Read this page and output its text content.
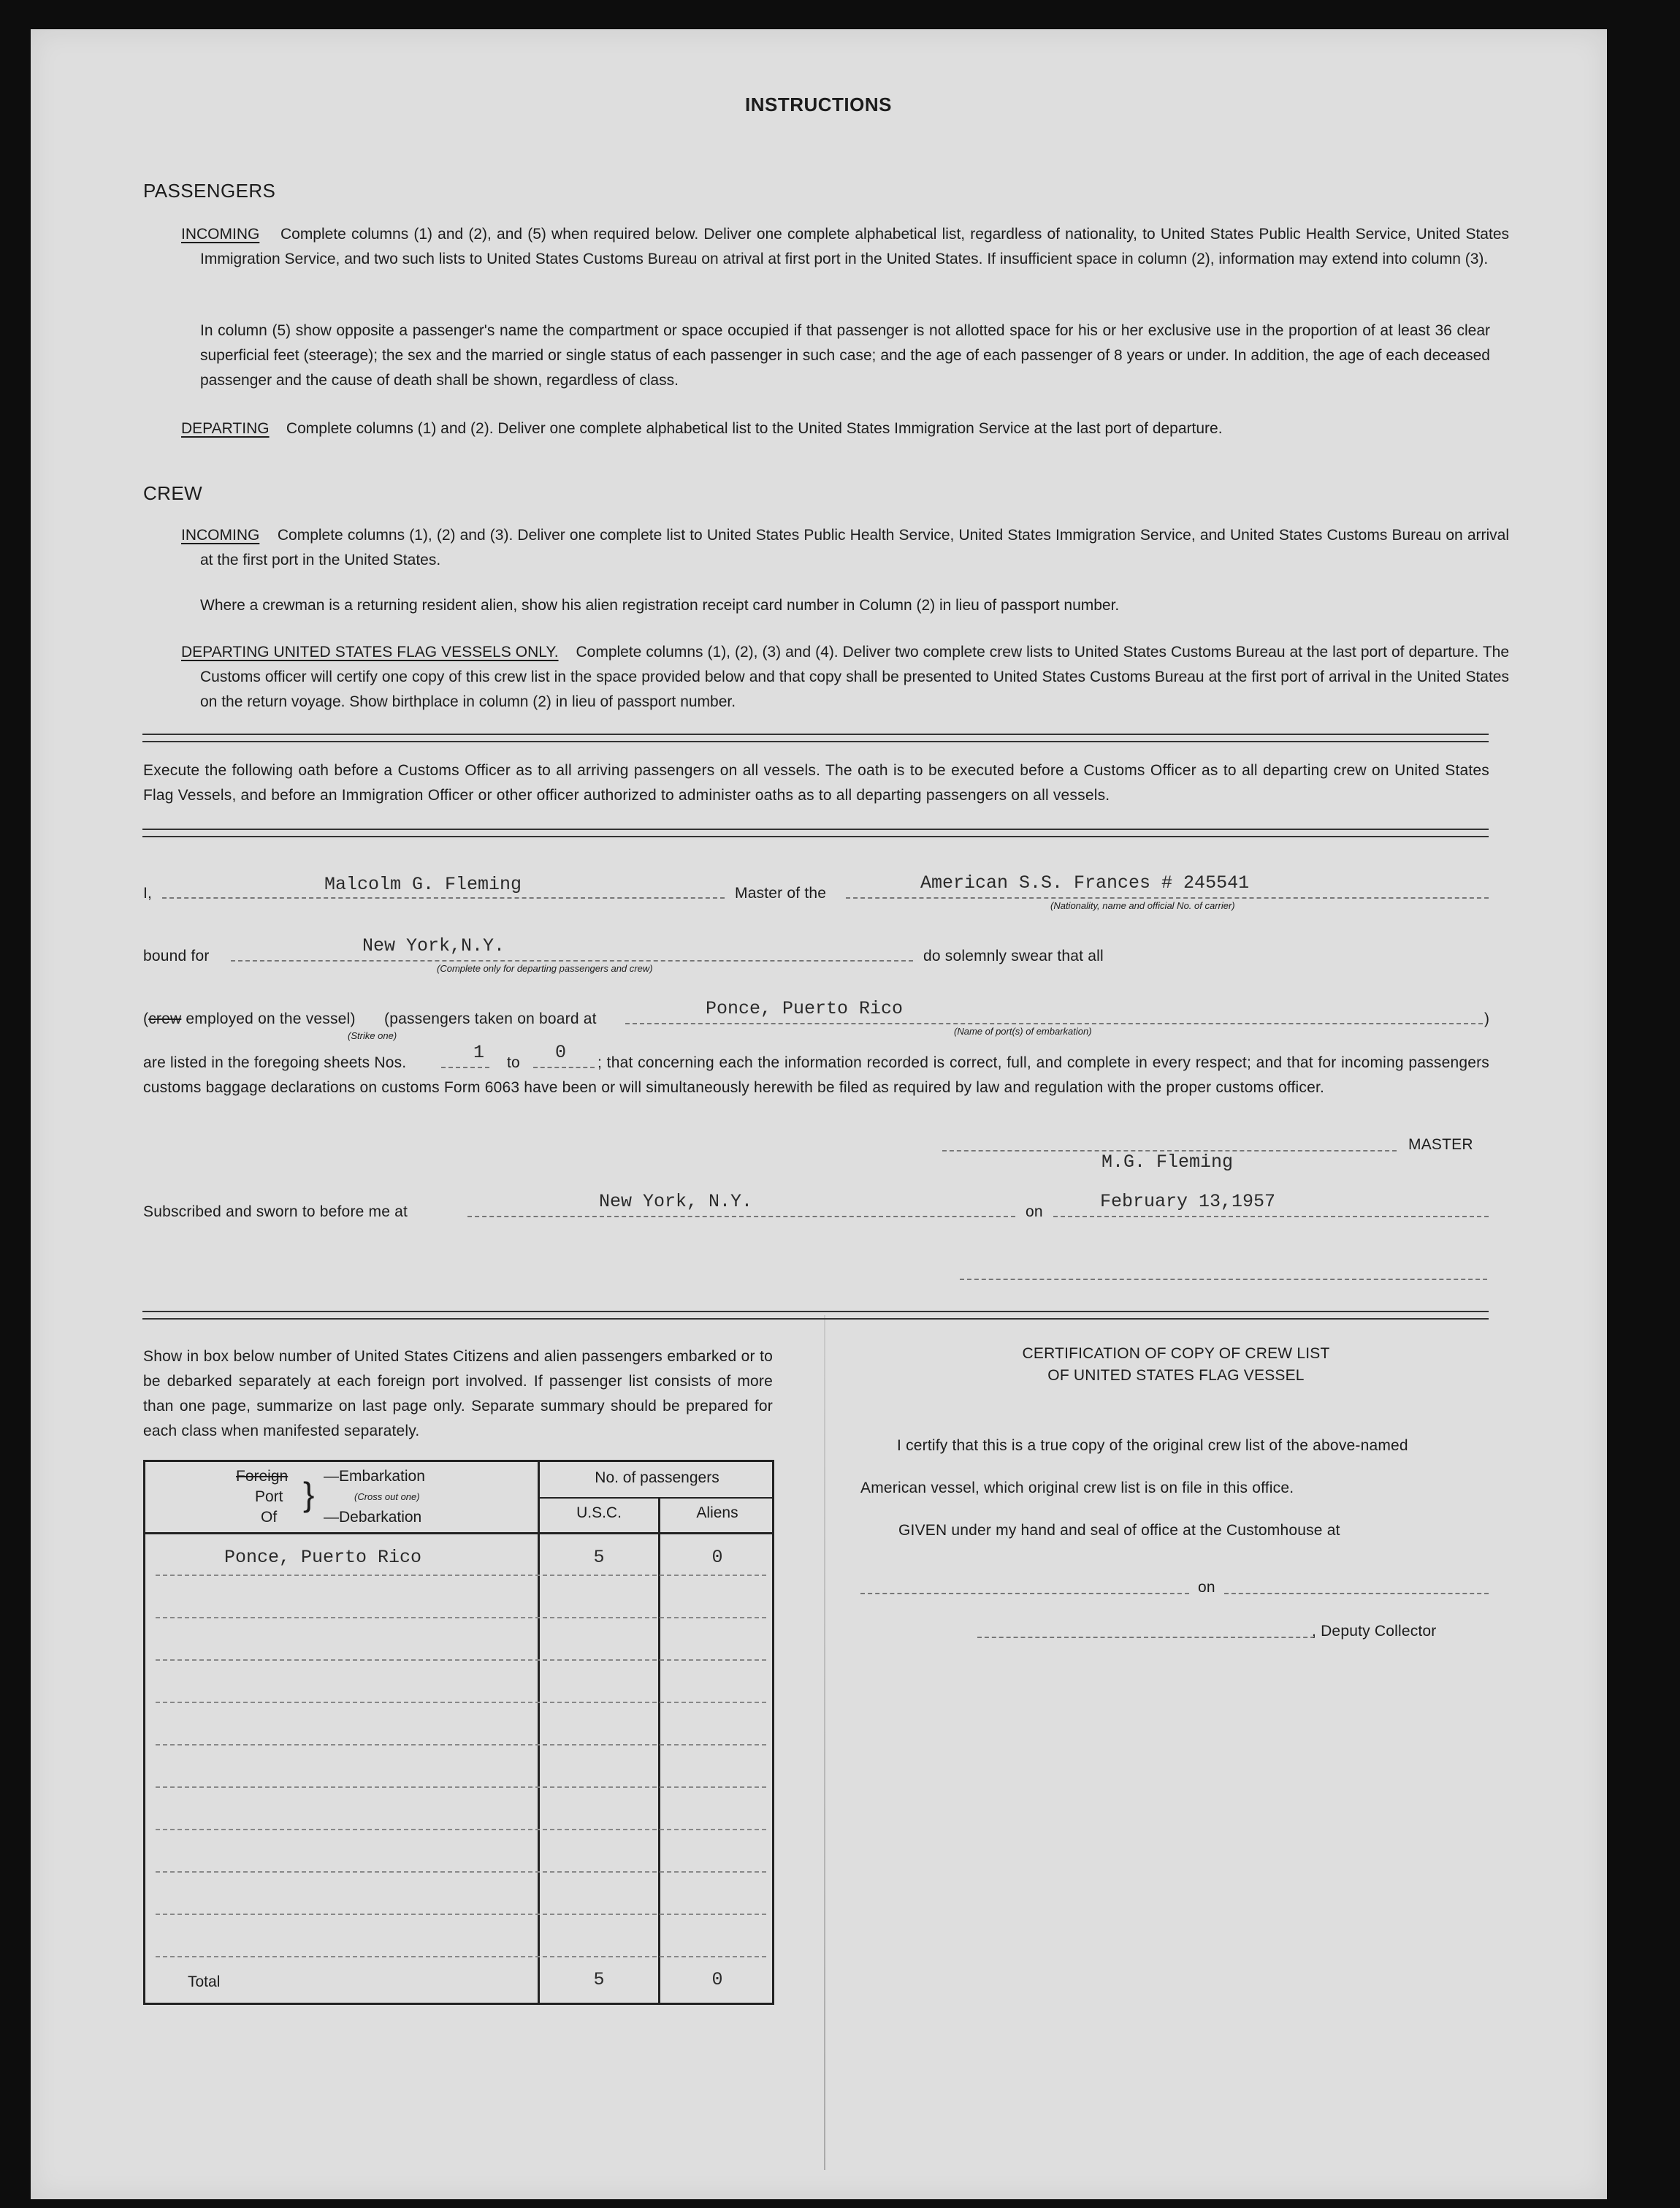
INSTRUCTIONS
PASSENGERS
INCOMING Complete columns (1) and (2), and (5) when required below. Deliver one complete alphabetical list, regardless of nationality, to United States Public Health Service, United States Immigration Service, and two such lists to United States Customs Bureau on atrival at first port in the United States. If insufficient space in column (2), information may extend into column (3).
In column (5) show opposite a passenger's name the compartment or space occupied if that passenger is not allotted space for his or her exclusive use in the proportion of at least 36 clear superficial feet (steerage); the sex and the married or single status of each passenger in such case; and the age of each passenger of 8 years or under. In addition, the age of each deceased passenger and the cause of death shall be shown, regardless of class.
DEPARTING Complete columns (1) and (2). Deliver one complete alphabetical list to the United States Immigration Service at the last port of departure.
CREW
INCOMING Complete columns (1), (2) and (3). Deliver one complete list to United States Public Health Service, United States Immigration Service, and United States Customs Bureau on arrival at the first port in the United States.
Where a crewman is a returning resident alien, show his alien registration receipt card number in Column (2) in lieu of passport number.
DEPARTING UNITED STATES FLAG VESSELS ONLY. Complete columns (1), (2), (3) and (4). Deliver two complete crew lists to United States Customs Bureau at the last port of departure. The Customs officer will certify one copy of this crew list in the space provided below and that copy shall be presented to United States Customs Bureau at the first port of arrival in the United States on the return voyage. Show birthplace in column (2) in lieu of passport number.
Execute the following oath before a Customs Officer as to all arriving passengers on all vessels. The oath is to be executed before a Customs Officer as to all departing crew on United States Flag Vessels, and before an Immigration Officer or other officer authorized to administer oaths as to all departing passengers on all vessels.
I,	Malcolm G. Fleming	Master of the	American S.S. Frances # 245541
(Nationality, name and official No. of carrier)
bound for	New York,N.Y.
(Complete only for departing passengers and crew)
do solemnly swear that all
(crew employed on the vessel)
(Strike one)
(passengers taken on board at	Ponce, Puerto Rico
(Name of port(s) of embarkation)
)
are listed in the foregoing sheets Nos.	1 to 0	; that concerning each the information recorded is correct, full, and complete in every respect; and that for incoming passengers customs baggage declarations on customs Form 6063 have been or will simultaneously herewith be filed as required by law and regulation with the proper customs officer.
MASTER
M.G. Fleming
Subscribed and sworn to before me at	New York, N.Y.	on	February 13,1957
Show in box below number of United States Citizens and alien passengers embarked or to be debarked separately at each foreign port involved. If passenger list consists of more than one page, summarize on last page only. Separate summary should be prepared for each class when manifested separately.
Foreign
Port
Of
} —Embarkation
(Cross out one)
—Debarkation
No. of passengers
U.S.C.	Aliens
Ponce, Puerto Rico	5	0
Total	5	0
CERTIFICATION OF COPY OF CREW LIST
OF UNITED STATES FLAG VESSEL
I certify that this is a true copy of the original crew list of the above-named
American vessel, which original crew list is on file in this office.
GIVEN under my hand and seal of office at the Customhouse at
on
, Deputy Collector
